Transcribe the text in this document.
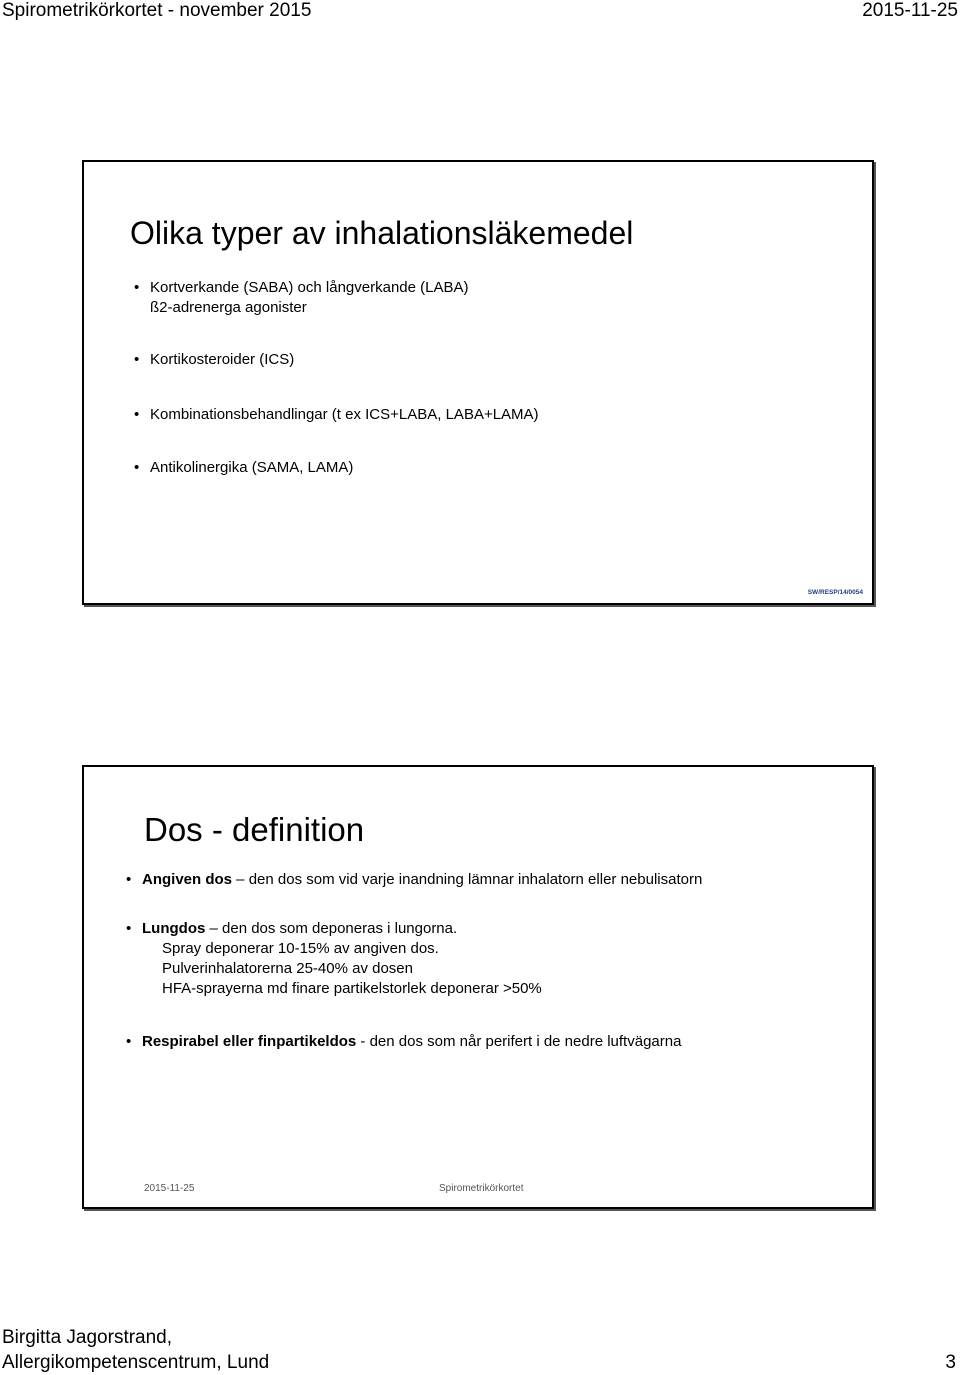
Spirometrikörkortet - november 2015	2015-11-25
Olika typer av inhalationsläkemedel
• Kortverkande (SABA) och långverkande (LABA)
ß2-adrenerga agonister
• Kortikosteroider (ICS)
• Kombinationsbehandlingar (t ex ICS+LABA, LABA+LAMA)
• Antikolinergika (SAMA, LAMA)
SW/RESP/14/0054
Dos - definition
• Angiven dos – den dos som vid varje inandning lämnar inhalatorn eller nebulisatorn
• Lungdos – den dos som deponeras i lungorna.
Spray deponerar 10-15% av angiven dos.
Pulverinhalatorerna 25-40% av dosen
HFA-sprayerna md finare partikelstorlek deponerar >50%
• Respirabel eller finpartikeldos - den dos som når perifert i de nedre luftvägarna
2015-11-25	Spirometrikörkortet
Birgitta Jagorstrand,
Allergikompetenscentrum, Lund	3
